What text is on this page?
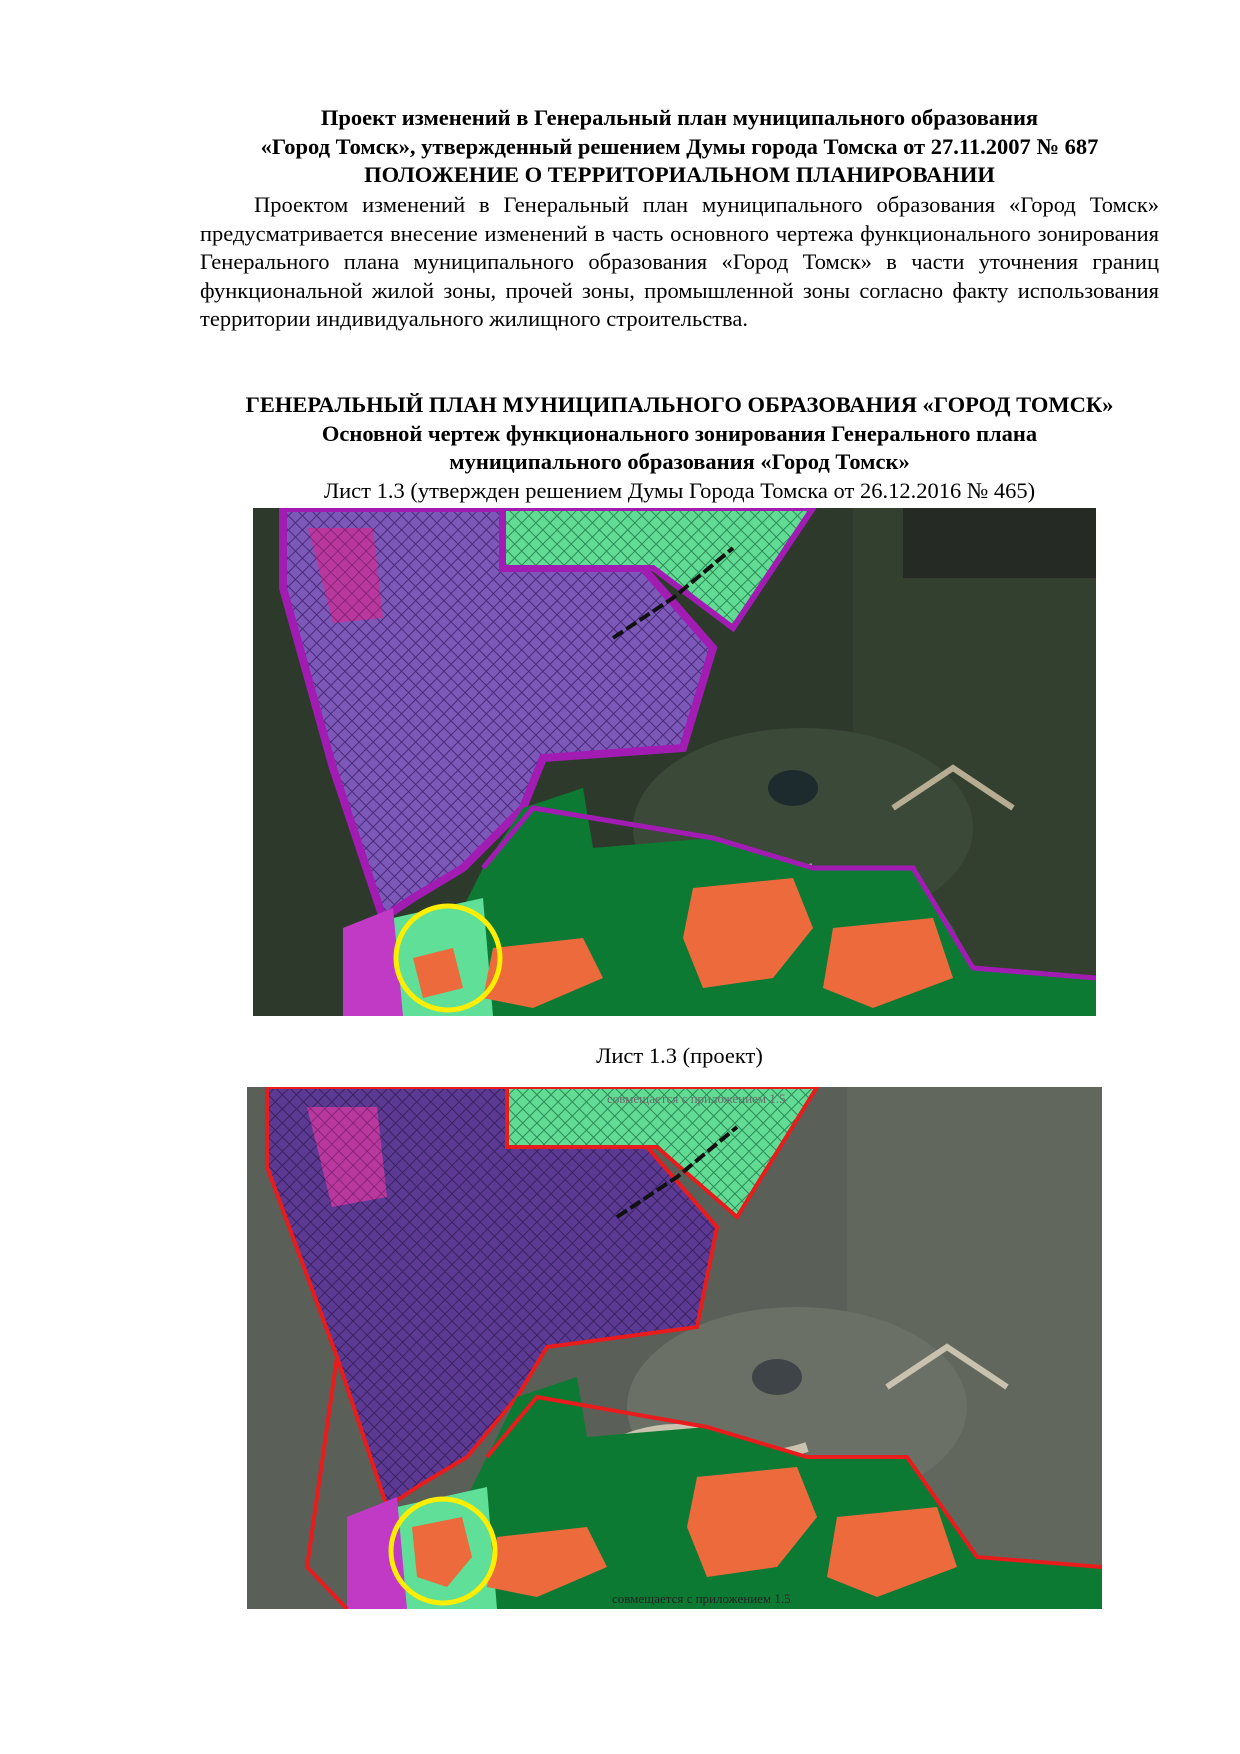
Проект изменений в Генеральный план муниципального образования
«Город Томск», утвержденный решением Думы города Томска от 27.11.2007 № 687
ПОЛОЖЕНИЕ О ТЕРРИТОРИАЛЬНОМ ПЛАНИРОВАНИИ
Проектом изменений в Генеральный план муниципального образования «Город Томск» предусматривается внесение изменений в часть основного чертежа функционального зонирования Генерального плана муниципального образования «Город Томск» в части уточнения границ функциональной жилой зоны, прочей зоны, промышленной зоны согласно факту использования территории индивидуального жилищного строительства.
ГЕНЕРАЛЬНЫЙ ПЛАН МУНИЦИПАЛЬНОГО ОБРАЗОВАНИЯ «ГОРОД ТОМСК»
Основной чертеж функционального зонирования Генерального плана
муниципального образования «Город Томск»
Лист 1.3 (утвержден решением Думы Города Томска от 26.12.2016 № 465)
Лист 1.3 (проект)
совмещается с приложением 1.5
совмещается с приложением 1.5
